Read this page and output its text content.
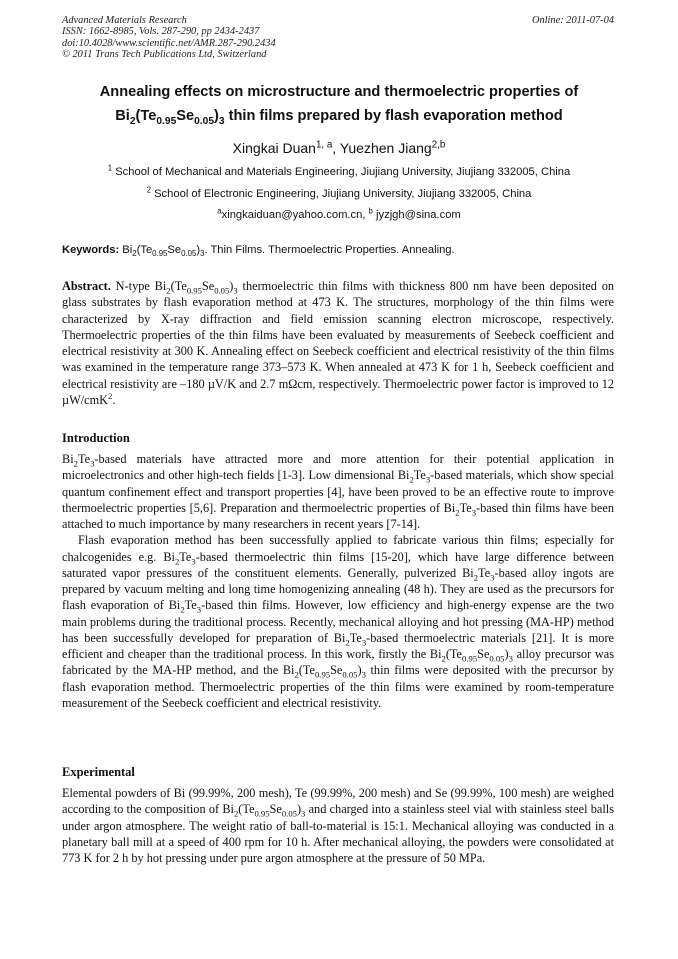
Advanced Materials Research
ISSN: 1662-8985, Vols. 287-290, pp 2434-2437
doi:10.4028/www.scientific.net/AMR.287-290.2434
© 2011 Trans Tech Publications Ltd, Switzerland
Online: 2011-07-04
Annealing effects on microstructure and thermoelectric properties of
$Bi_2(Te_{0.95}Se_{0.05})_3$ thin films prepared by flash evaporation method
Xingkai Duan$^{1, a}$, Yuezhen Jiang$^{2,b}$
$^1$ School of Mechanical and Materials Engineering, Jiujiang University, Jiujiang 332005, China
$^2$ School of Electronic Engineering, Jiujiang University, Jiujiang 332005, China
$^a$xingkaiduan@yahoo.com.cn, $^b$ jyzjgh@sina.com
Keywords: $Bi_2(Te_{0.95}Se_{0.05})_3$. Thin Films. Thermoelectric Properties. Annealing.

Abstract. N-type $Bi_2(Te_{0.95}Se_{0.05})_3$ thermoelectric thin films with thickness 800 nm have been deposited on glass substrates by flash evaporation method at 473 K. The structures, morphology of the thin films were characterized by X-ray diffraction and field emission scanning electron microscope, respectively. Thermoelectric properties of the thin films have been evaluated by measurements of Seebeck coefficient and electrical resistivity at 300 K. Annealing effect on Seebeck coefficient and electrical resistivity of the thin films was examined in the temperature range 373–573 K. When annealed at 473 K for 1 h, Seebeck coefficient and electrical resistivity are –180 µV/K and 2.7 mΩcm, respectively. Thermoelectric power factor is improved to 12 µW/cmK$^2$.

Introduction

$Bi_2Te_3$-based materials have attracted more and more attention for their potential application in microelectronics and other high-tech fields [1-3]. Low dimensional $Bi_2Te_3$-based materials, which show special quantum confinement effect and transport properties [4], have been proved to be an effective route to improve thermoelectric properties [5,6]. Preparation and thermoelectric properties of $Bi_2Te_3$-based thin films have been attached to much importance by many researchers in recent years [7-14].

Flash evaporation method has been successfully applied to fabricate various thin films; especially for chalcogenides e.g. $Bi_2Te_3$-based thermoelectric thin films [15-20], which have large difference between saturated vapor pressures of the constituent elements. Generally, pulverized $Bi_2Te_3$-based alloy ingots are prepared by vacuum melting and long time homogenizing annealing (48 h). They are used as the precursors for flash evaporation of $Bi_2Te_3$-based thin films. However, low efficiency and high-energy expense are the two main problems during the traditional process. Recently, mechanical alloying and hot pressing (MA-HP) method has been successfully developed for preparation of $Bi_2Te_3$-based thermoelectric materials [21]. It is more efficient and cheaper than the traditional process. In this work, firstly the $Bi_2(Te_{0.95}Se_{0.05})_3$ alloy precursor was fabricated by the MA-HP method, and the $Bi_2(Te_{0.95}Se_{0.05})_3$ thin films were deposited with the precursor by flash evaporation method. Thermoelectric properties of the thin films were examined by room-temperature measurement of the Seebeck coefficient and electrical resistivity.

Experimental

Elemental powders of Bi (99.99%, 200 mesh), Te (99.99%, 200 mesh) and Se (99.99%, 100 mesh) are weighed according to the composition of $Bi_2(Te_{0.95}Se_{0.05})_3$ and charged into a stainless steel vial with stainless steel balls under argon atmosphere. The weight ratio of ball-to-material is 15:1. Mechanical alloying was conducted in a planetary ball mill at a speed of 400 rpm for 10 h. After mechanical alloying, the powders were consolidated at 773 K for 2 h by hot pressing under pure argon atmosphere at the pressure of 50 MPa.
